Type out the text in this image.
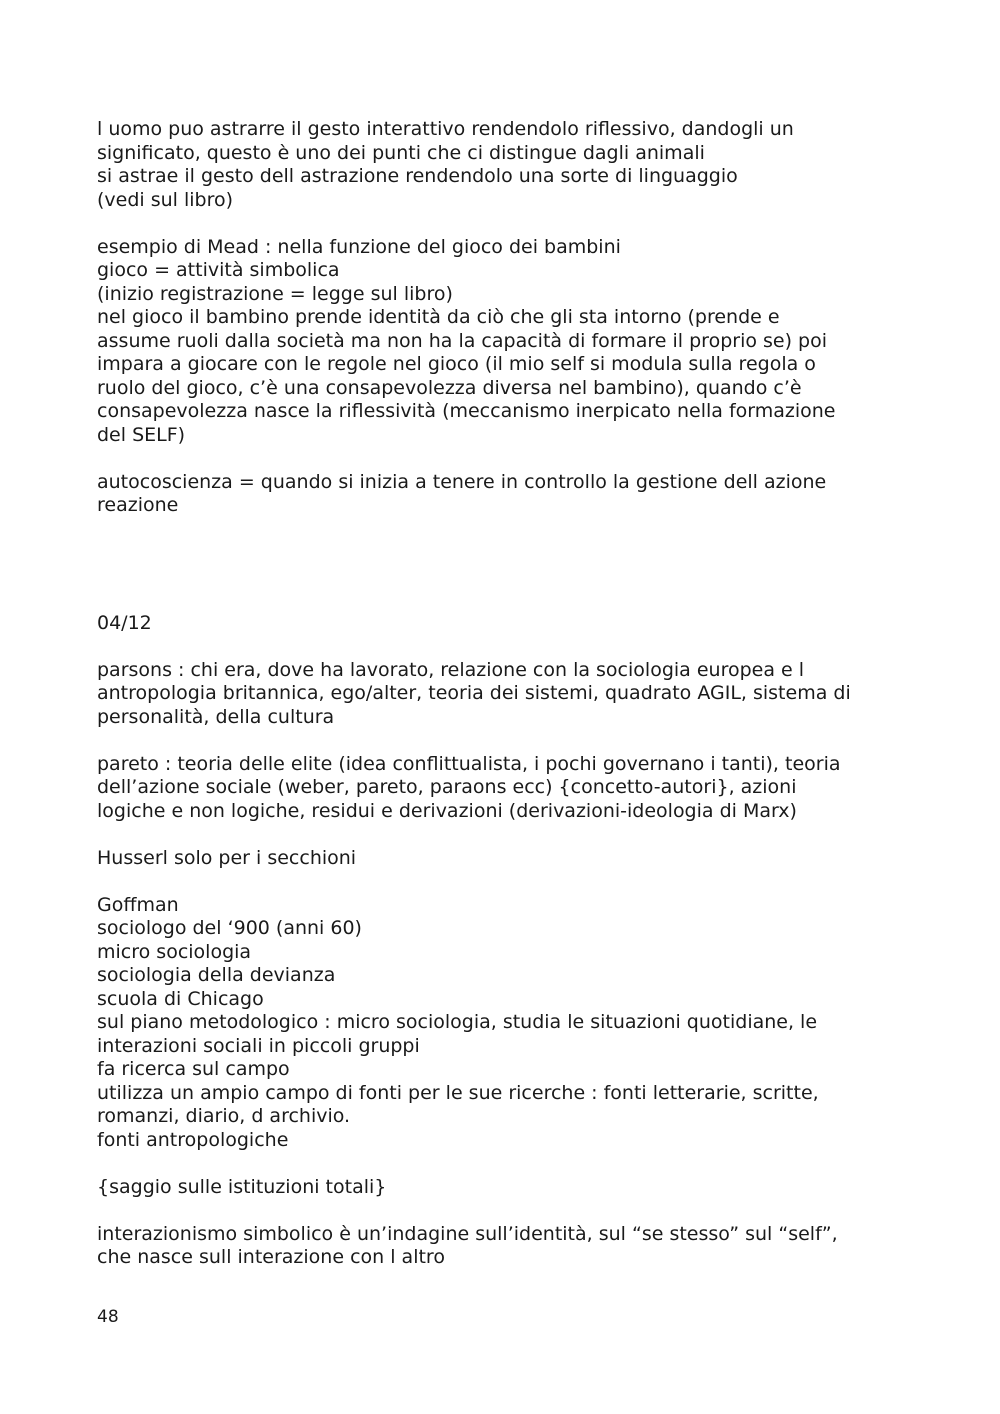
l uomo puo astrarre il gesto interattivo rendendolo riflessivo, dandogli un
significato, questo è uno dei punti che ci distingue dagli animali
si astrae il gesto dell astrazione rendendolo una sorte di linguaggio
(vedi sul libro)
esempio di Mead : nella funzione del gioco dei bambini
gioco = attività simbolica
(inizio registrazione = legge sul libro)
nel gioco il bambino prende identità da ciò che gli sta intorno (prende e
assume ruoli dalla società ma non ha la capacità di formare il proprio se) poi
impara a giocare con le regole nel gioco (il mio self si modula sulla regola o
ruolo del gioco, c’è una consapevolezza diversa nel bambino), quando c’è
consapevolezza nasce la riflessività (meccanismo inerpicato nella formazione
del SELF)
autocoscienza = quando si inizia a tenere in controllo la gestione dell azione
reazione
04/12
parsons : chi era, dove ha lavorato, relazione con la sociologia europea e l
antropologia britannica, ego/alter, teoria dei sistemi, quadrato AGIL, sistema di
personalità, della cultura
pareto : teoria delle elite (idea conflittualista, i pochi governano i tanti), teoria
dell’azione sociale (weber, pareto, paraons ecc) {concetto-autori}, azioni
logiche e non logiche, residui e derivazioni (derivazioni-ideologia di Marx)
Husserl solo per i secchioni
Goffman
sociologo del ‘900 (anni 60)
micro sociologia
sociologia della devianza
scuola di Chicago
sul piano metodologico : micro sociologia, studia le situazioni quotidiane, le
interazioni sociali in piccoli gruppi
fa ricerca sul campo
utilizza un ampio campo di fonti per le sue ricerche : fonti letterarie, scritte,
romanzi, diario, d archivio.
fonti antropologiche
{saggio sulle istituzioni totali}
interazionismo simbolico è un’indagine sull’identità, sul “se stesso” sul “self”,
che nasce sull interazione con l altro
48
